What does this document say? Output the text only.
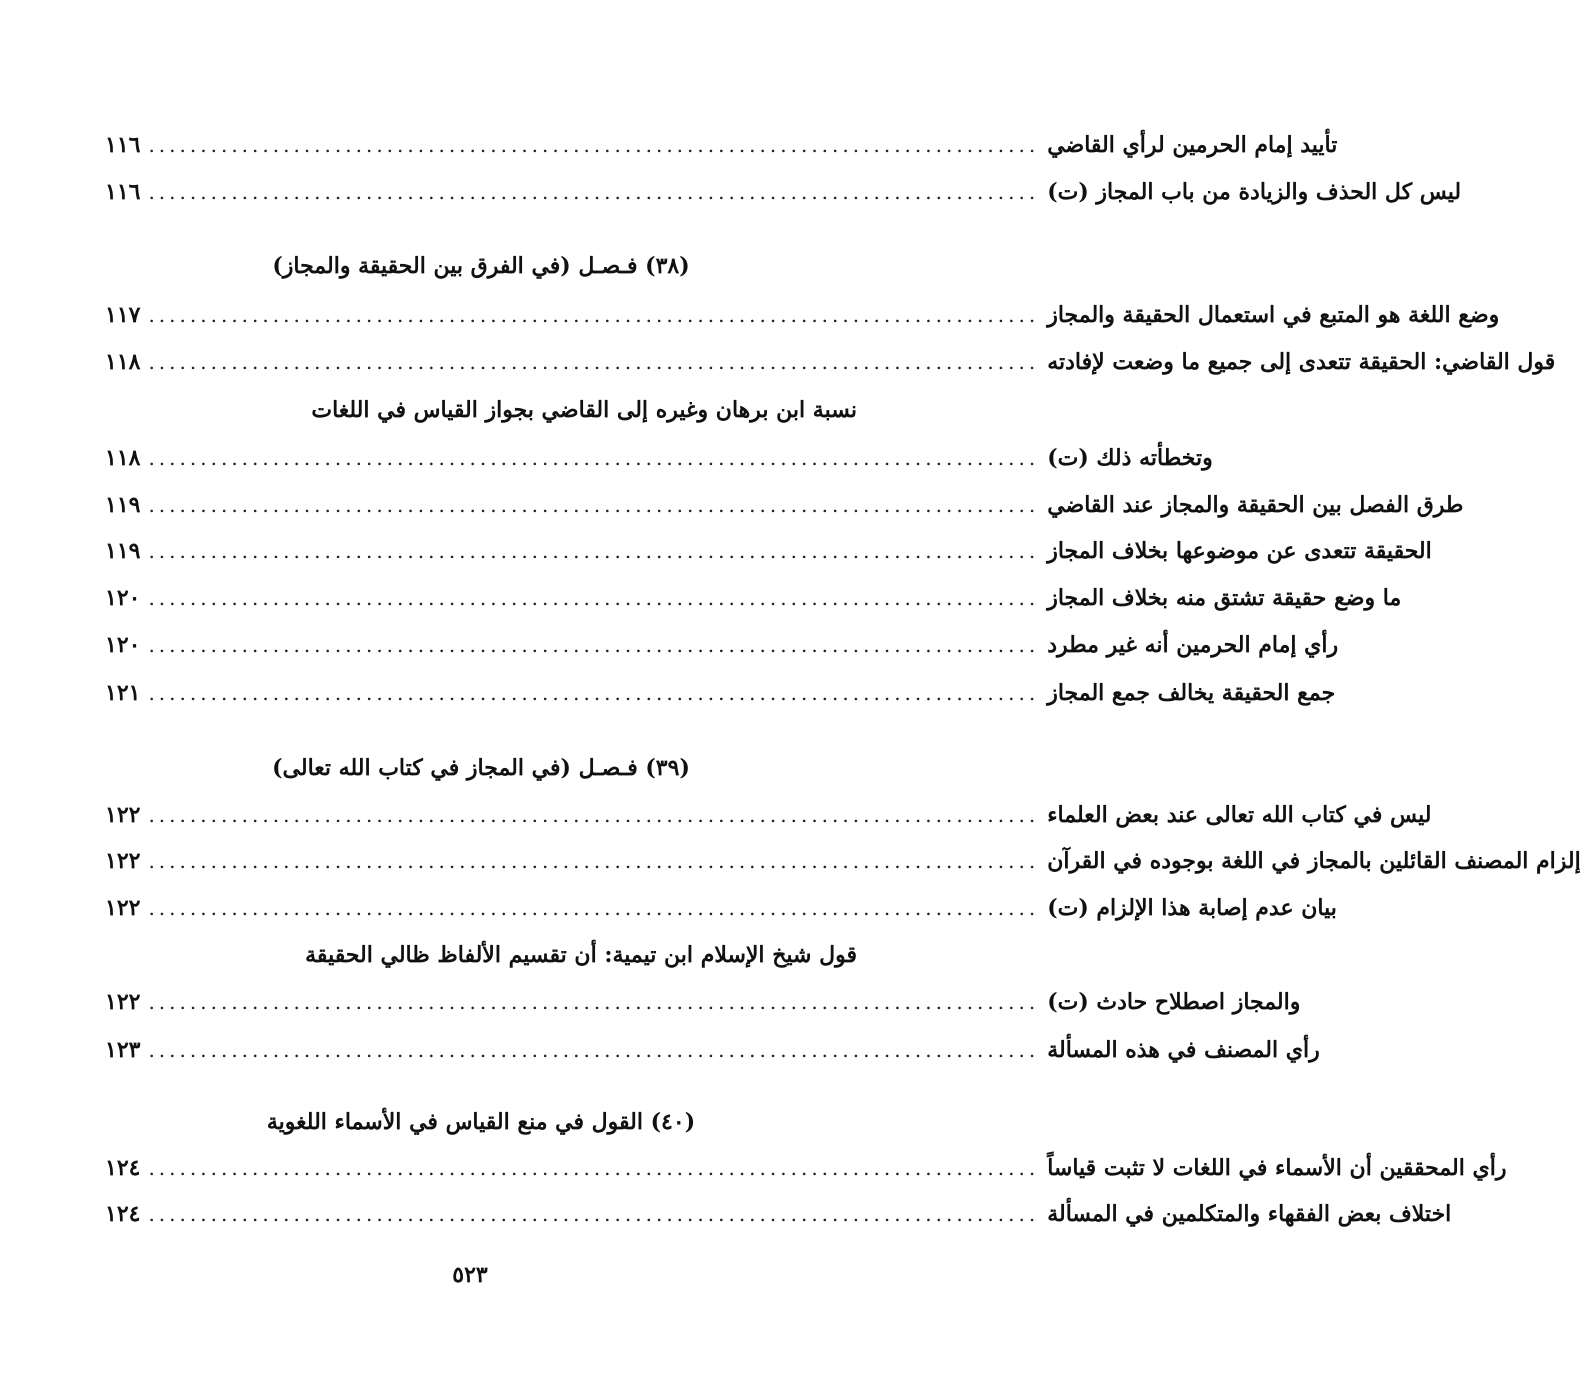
١١٦ ...................................................................................... تأييد إمام الحرمين لرأي القاضي
١١٦ ...................................................................................... ليس كل الحذف والزيادة من باب المجاز (ت)
(٣٨) فـصـل (في الفرق بين الحقيقة والمجاز)
١١٧ ...................................................................................... وضع اللغة هو المتبع في استعمال الحقيقة والمجاز
١١٨ ...................................................................................... قول القاضي: الحقيقة تتعدى إلى جميع ما وضعت لإفادته
نسبة ابن برهان وغيره إلى القاضي بجواز القياس في اللغات
١١٨ ...................................................................................... وتخطأته ذلك (ت)
١١٩ ...................................................................................... طرق الفصل بين الحقيقة والمجاز عند القاضي
١١٩ ...................................................................................... الحقيقة تتعدى عن موضوعها بخلاف المجاز
١٢٠ ...................................................................................... ما وضع حقيقة تشتق منه بخلاف المجاز
١٢٠ ...................................................................................... رأي إمام الحرمين أنه غير مطرد
١٢١ ...................................................................................... جمع الحقيقة يخالف جمع المجاز
(٣٩) فـصـل (في المجاز في كتاب الله تعالى)
١٢٢ ...................................................................................... ليس في كتاب الله تعالى عند بعض العلماء
١٢٢ ...................................................................................... إلزام المصنف القائلين بالمجاز في اللغة بوجوده في القرآن
١٢٢ ...................................................................................... بيان عدم إصابة هذا الإلزام (ت)
قول شيخ الإسلام ابن تيمية: أن تقسيم الألفاظ ظالي الحقيقة
١٢٢ ...................................................................................... والمجاز اصطلاح حادث (ت)
١٢٣ ...................................................................................... رأي المصنف في هذه المسألة
(٤٠) القول في منع القياس في الأسماء اللغوية
١٢٤ ...................................................................................... رأي المحققين أن الأسماء في اللغات لا تثبت قياساً
١٢٤ ...................................................................................... اختلاف بعض الفقهاء والمتكلمين في المسألة
٥٢٣
